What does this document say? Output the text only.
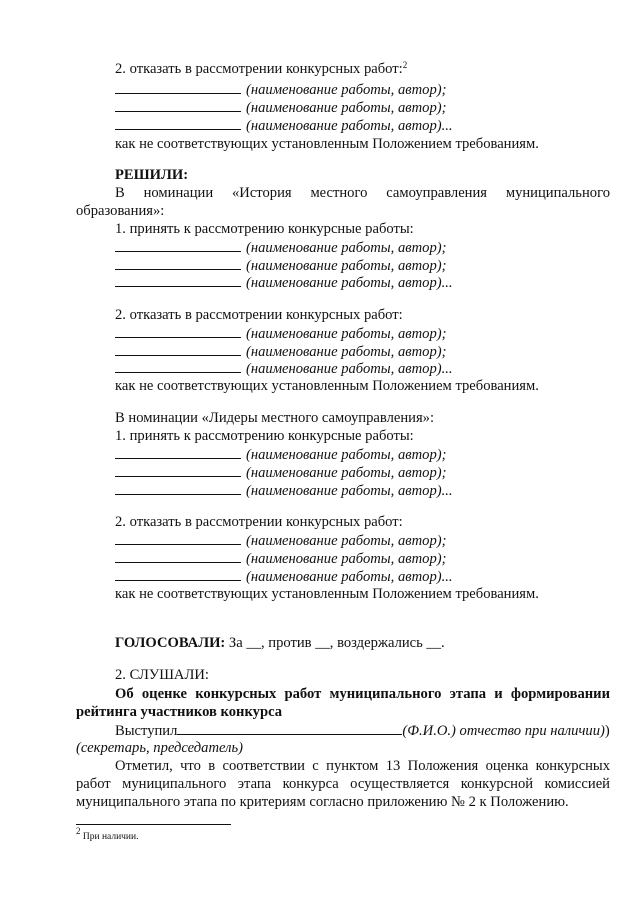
2. отказать в рассмотрении конкурсных работ:$^2$
(наименование работы, автор);
(наименование работы, автор);
(наименование работы, автор)...
как не соответствующих установленным Положением требованиям.
РЕШИЛИ:
В номинации «История местного самоуправления муниципального
образования»:
1. принять к рассмотрению конкурсные работы:
(наименование работы, автор);
(наименование работы, автор);
(наименование работы, автор)...
2. отказать в рассмотрении конкурсных работ:
(наименование работы, автор);
(наименование работы, автор);
(наименование работы, автор)...
как не соответствующих установленным Положением требованиям.
В номинации «Лидеры местного самоуправления»:
1. принять к рассмотрению конкурсные работы:
(наименование работы, автор);
(наименование работы, автор);
(наименование работы, автор)...
2. отказать в рассмотрении конкурсных работ:
(наименование работы, автор);
(наименование работы, автор);
(наименование работы, автор)...
как не соответствующих установленным Положением требованиям.
ГОЛОСОВАЛИ: За __, против __, воздержались __.
2. СЛУШАЛИ:
Об оценке конкурсных работ муниципального этапа и формировании
рейтинга участников конкурса
Выступил	(Ф.И.О.) отчество при наличии))
(секретарь, председатель)
Отметил, что в соответствии с пунктом 13 Положения оценка конкурсных
работ муниципального этапа конкурса осуществляется конкурсной комиссией
муниципального этапа по критериям согласно приложению № 2 к Положению.
$^2$ При наличии.
